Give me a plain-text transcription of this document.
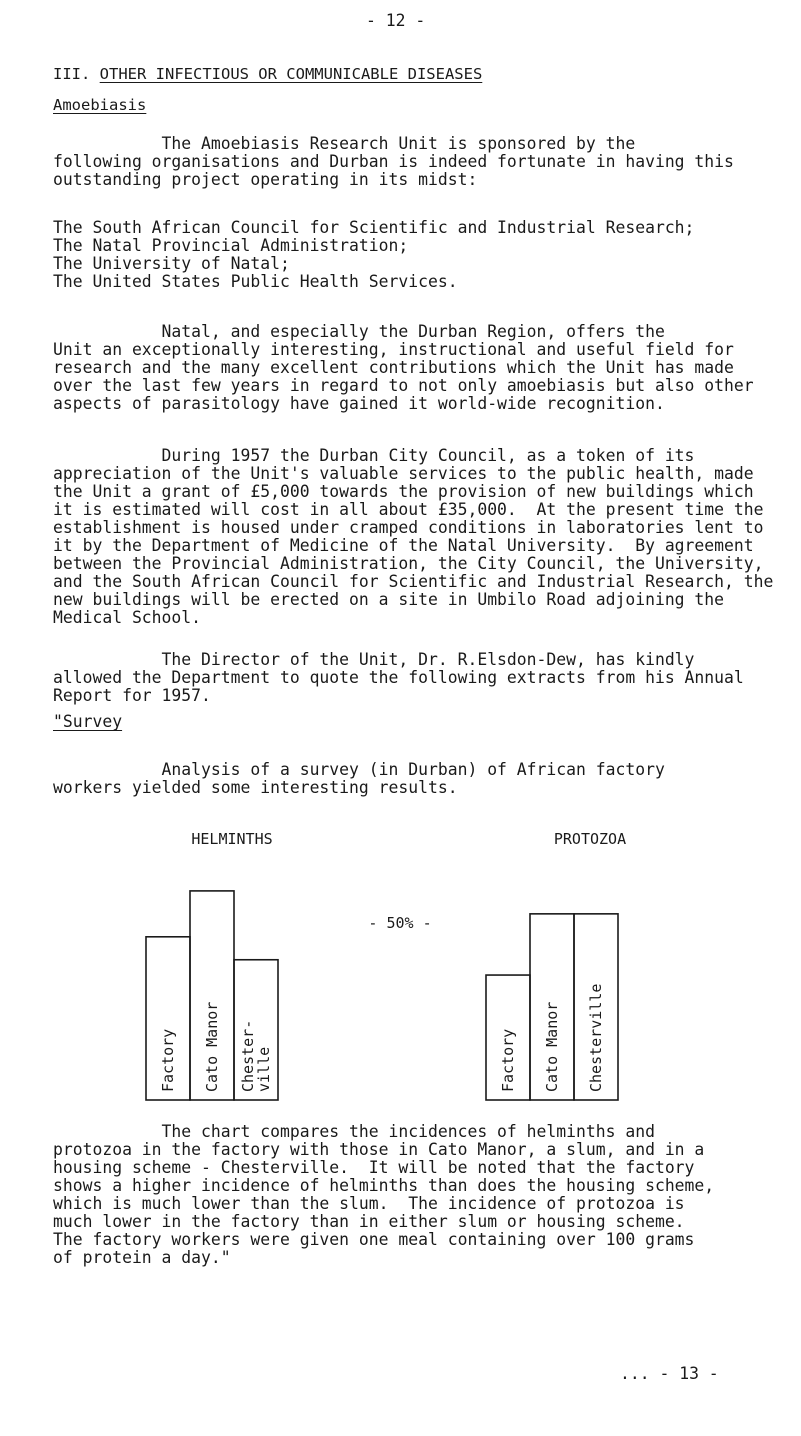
- 12 -
III. OTHER INFECTIOUS OR COMMUNICABLE DISEASES
Amoebiasis
The Amoebiasis Research Unit is sponsored by the
following organisations and Durban is indeed fortunate in having this
outstanding project operating in its midst:
The South African Council for Scientific and Industrial Research;
The Natal Provincial Administration;
The University of Natal;
The United States Public Health Services.
Natal, and especially the Durban Region, offers the
Unit an exceptionally interesting, instructional and useful field for
research and the many excellent contributions which the Unit has made
over the last few years in regard to not only amoebiasis but also other
aspects of parasitology have gained it world-wide recognition.
During 1957 the Durban City Council, as a token of its
appreciation of the Unit's valuable services to the public health, made
the Unit a grant of £5,000 towards the provision of new buildings which
it is estimated will cost in all about £35,000.  At the present time the
establishment is housed under cramped conditions in laboratories lent to
it by the Department of Medicine of the Natal University.  By agreement
between the Provincial Administration, the City Council, the University,
and the South African Council for Scientific and Industrial Research, the
new buildings will be erected on a site in Umbilo Road adjoining the
Medical School.
The Director of the Unit, Dr. R.Elsdon-Dew, has kindly
allowed the Department to quote the following extracts from his Annual
Report for 1957.
"Survey
Analysis of a survey (in Durban) of African factory
workers yielded some interesting results.
HELMINTHS
Factory Cato Manor Chester-
ville
PROTOZOA
Factory Cato Manor Chesterville
- 50% -
The chart compares the incidences of helminths and
protozoa in the factory with those in Cato Manor, a slum, and in a
housing scheme - Chesterville.  It will be noted that the factory
shows a higher incidence of helminths than does the housing scheme,
which is much lower than the slum.  The incidence of protozoa is
much lower in the factory than in either slum or housing scheme.
The factory workers were given one meal containing over 100 grams
of protein a day."
... - 13 -
